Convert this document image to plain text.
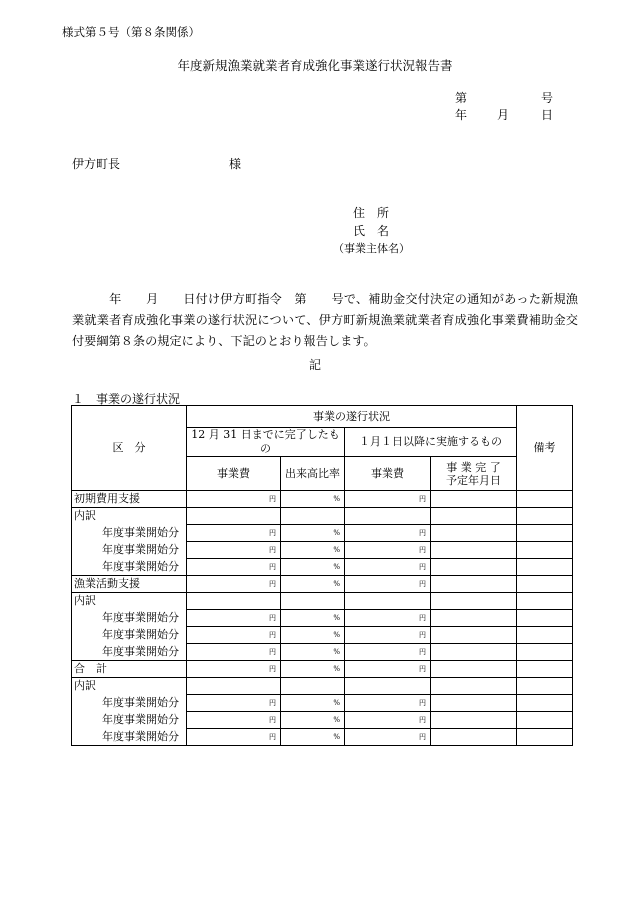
様式第５号（第８条関係）
年度新規漁業就業者育成強化事業遂行状況報告書
第	号
年 月	日
伊方町長	様
住　所
氏　名
（事業主体名）
　　　年　　月　　日付け伊方町指令　第　　号で、補助金交付決定の通知があった新規漁業就業者育成強化事業の遂行状況について、伊方町新規漁業就業者育成強化事業費補助金交付要綱第８条の規定により、下記のとおり報告します。
記
１　事業の遂行状況
区　分	事業の遂行状況				備考
	12 月 31 日までに完了したもの		１月１日以降に実施するもの		
	事業費	出来高比率	事業費	事 業 完 了
予定年月日	
初期費用支援	円	%	円		
内訳					
年度事業開始分	円	%	円		
年度事業開始分	円	%	円		
年度事業開始分	円	%	円		
漁業活動支援	円	%	円		
内訳					
年度事業開始分	円	%	円		
年度事業開始分	円	%	円		
年度事業開始分	円	%	円		
合　計	円	%	円		
内訳					
年度事業開始分	円	%	円		
年度事業開始分	円	%	円		
年度事業開始分	円	%	円		
